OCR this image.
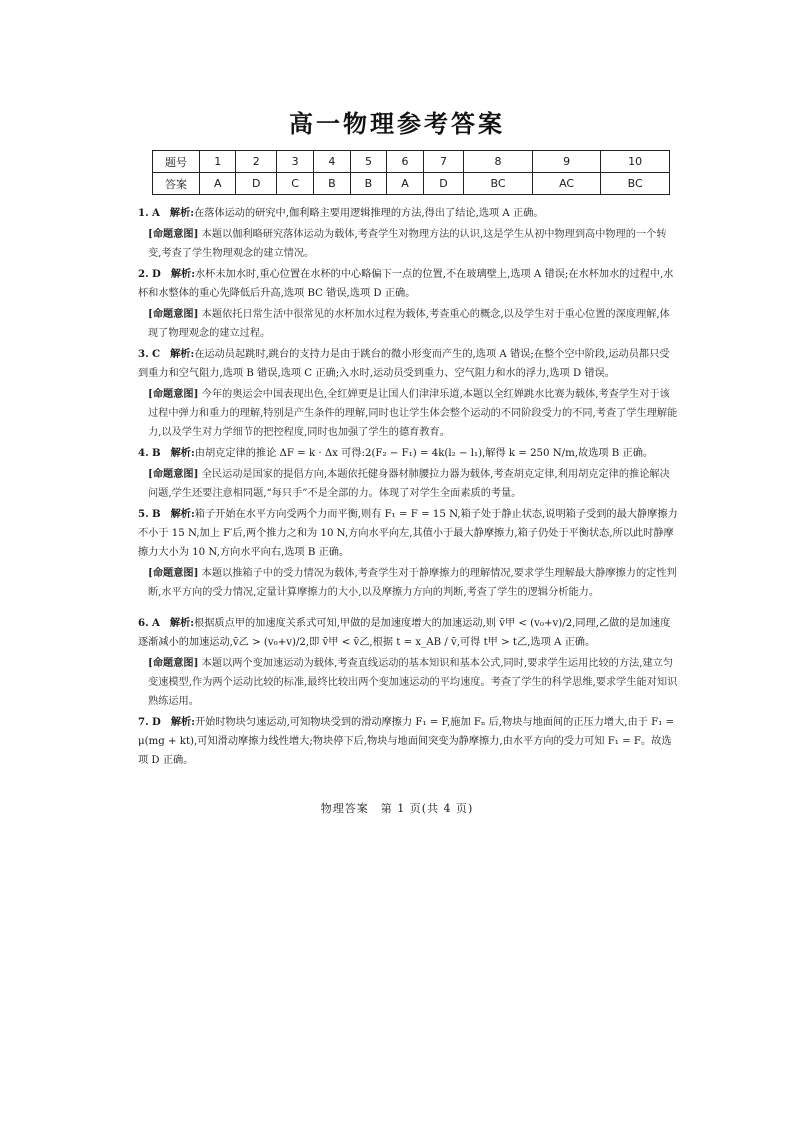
高一物理参考答案
题号	1	2	3	4	5	6	7	8	9	10
答案	A	D	C	B	B	A	D	BC	AC	BC
1. A 解析:在落体运动的研究中,伽利略主要用逻辑推理的方法,得出了结论,选项 A 正确。
[命题意图] 本题以伽利略研究落体运动为载体,考查学生对物理方法的认识,这是学生从初中物理到高中物理的一个转变,考查了学生物理观念的建立情况。
2. D 解析:水杯未加水时,重心位置在水杯的中心略偏下一点的位置,不在玻璃壁上,选项 A 错误;在水杯加水的过程中,水杯和水整体的重心先降低后升高,选项 BC 错误,选项 D 正确。
[命题意图] 本题依托日常生活中很常见的水杯加水过程为载体,考查重心的概念,以及学生对于重心位置的深度理解,体现了物理观念的建立过程。
3. C 解析:在运动员起跳时,跳台的支持力是由于跳台的微小形变而产生的,选项 A 错误;在整个空中阶段,运动员都只受到重力和空气阻力,选项 B 错误,选项 C 正确;入水时,运动员受到重力、空气阻力和水的浮力,选项 D 错误。
[命题意图] 今年的奥运会中国表现出色,全红婵更是让国人们津津乐道,本题以全红婵跳水比赛为载体,考查学生对于该过程中弹力和重力的理解,特别是产生条件的理解,同时也让学生体会整个运动的不同阶段受力的不同,考查了学生理解能力,以及学生对力学细节的把控程度,同时也加强了学生的德育教育。
4. B 解析:由胡克定律的推论 ΔF = k · Δx 可得:2(F₂ − F₁) = 4k(l₂ − l₁),解得 k = 250 N/m,故选项 B 正确。
[命题意图] 全民运动是国家的提倡方向,本题依托健身器材肺腰拉力器为载体,考查胡克定律,利用胡克定律的推论解决问题,学生还要注意相同题,“每只手”不是全部的力。体现了对学生全面素质的考量。
5. B 解析:箱子开始在水平方向受两个力而平衡,则有 F₁ = F = 15 N,箱子处于静止状态,说明箱子受到的最大静摩擦力不小于 15 N,加上 F′后,两个推力之和为 10 N,方向水平向左,其值小于最大静摩擦力,箱子仍处于平衡状态,所以此时静摩擦力大小为 10 N,方向水平向右,选项 B 正确。
[命题意图] 本题以推箱子中的受力情况为载体,考查学生对于静摩擦力的理解情况,要求学生理解最大静摩擦力的定性判断,水平方向的受力情况,定量计算摩擦力的大小,以及摩擦力方向的判断,考查了学生的逻辑分析能力。
6. A 解析:根据质点甲的加速度关系式可知,甲做的是加速度增大的加速运动,则 v̄甲 < (v₀+v)/2,同理,乙做的是加速度逐渐减小的加速运动,v̄乙 > (v₀+v)/2,即 v̄甲 < v̄乙,根据 t = x_AB / v̄,可得 t甲 > t乙,选项 A 正确。
[命题意图] 本题以两个变加速运动为载体,考查直线运动的基本知识和基本公式,同时,要求学生运用比较的方法,建立匀变速模型,作为两个运动比较的标准,最终比较出两个变加速运动的平均速度。考查了学生的科学思维,要求学生能对知识熟练运用。
7. D 解析:开始时物块匀速运动,可知物块受到的滑动摩擦力 F₁ = F,施加 Fₙ 后,物块与地面间的正压力增大,由于 F₁ = μ(mg + kt),可知滑动摩擦力线性增大;物块停下后,物块与地面间突变为静摩擦力,由水平方向的受力可知 F₁ = F。故选项 D 正确。
物理答案　第 1 页(共 4 页)
